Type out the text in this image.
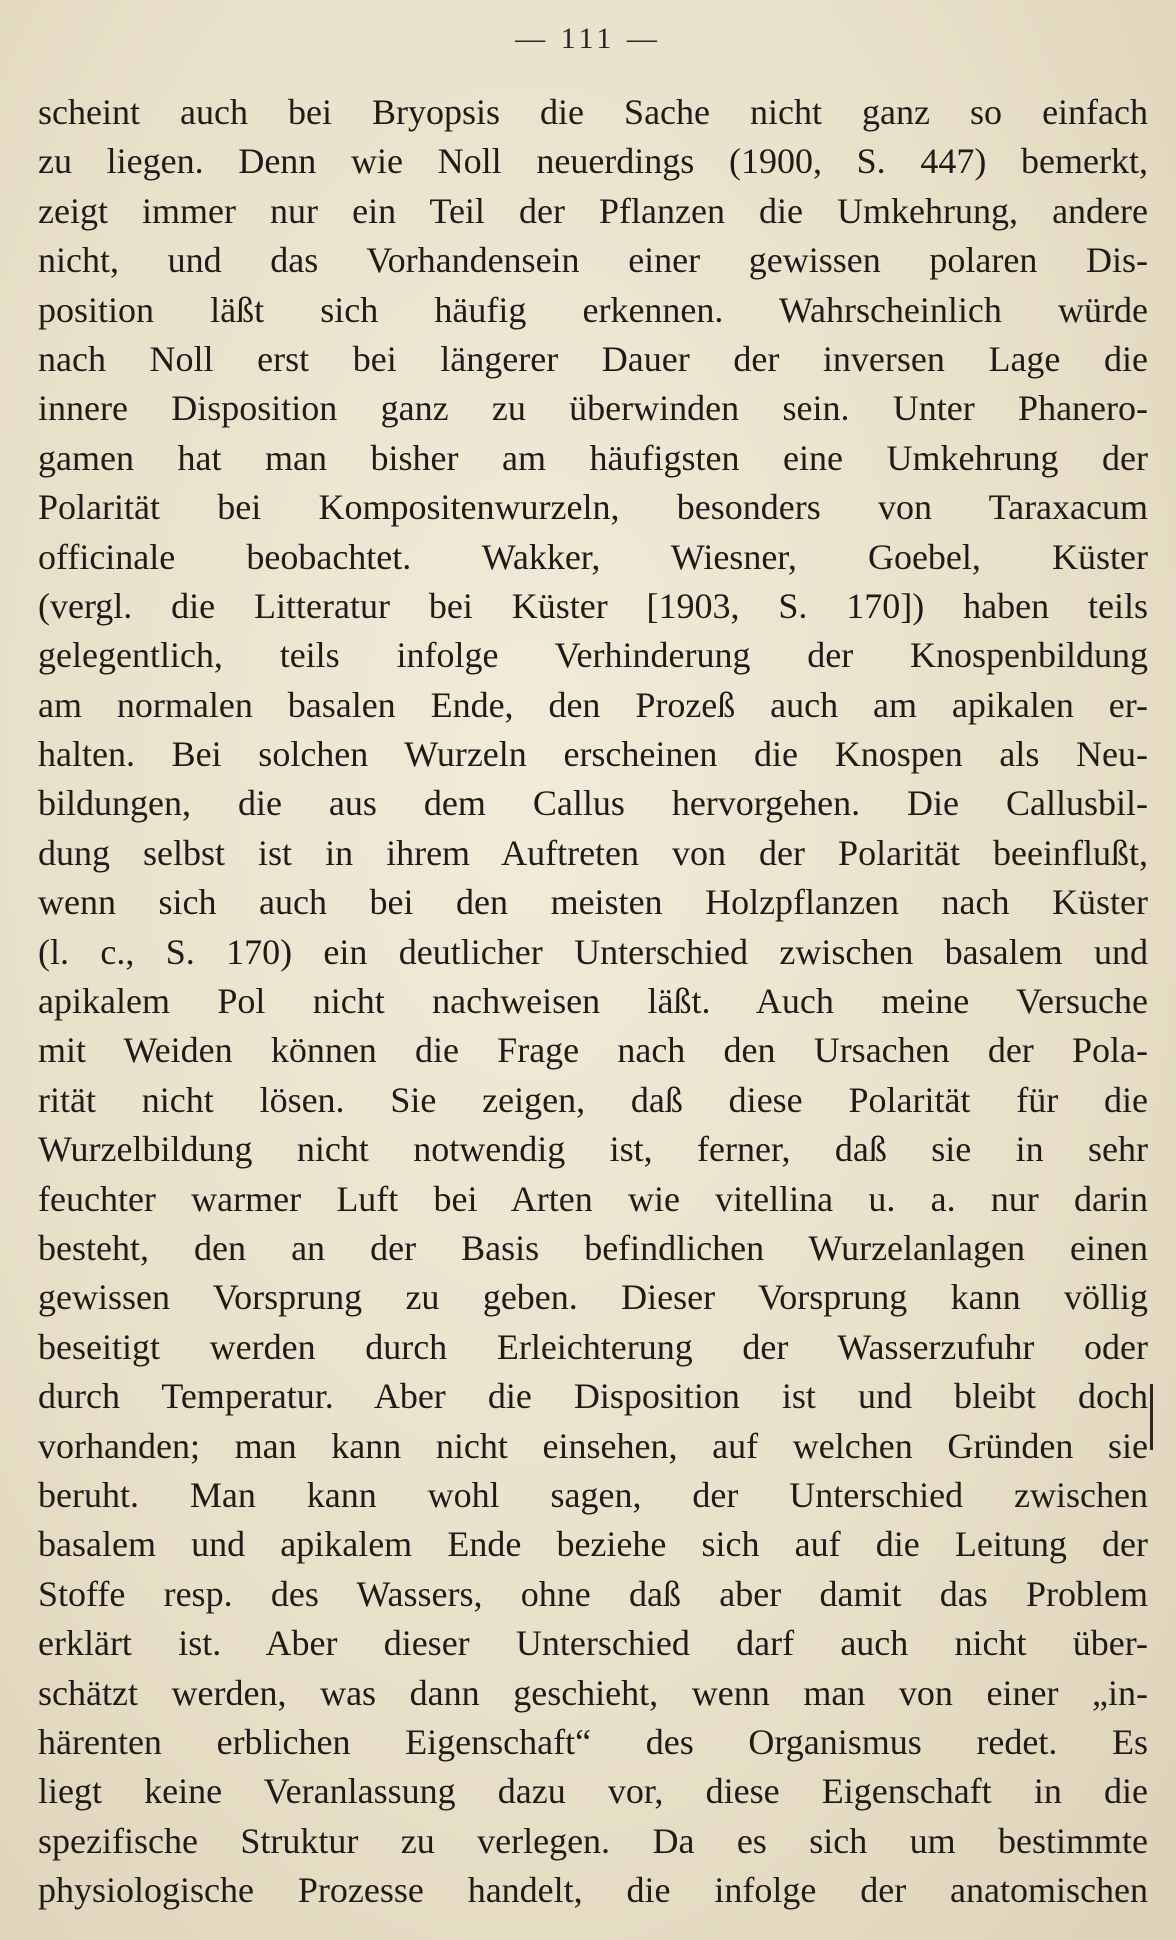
— 111 —
scheint auch bei Bryopsis die Sache nicht ganz so einfach
zu liegen. Denn wie Noll neuerdings (1900, S. 447) bemerkt,
zeigt immer nur ein Teil der Pflanzen die Umkehrung, andere
nicht, und das Vorhandensein einer gewissen polaren Dis-
position läßt sich häufig erkennen. Wahrscheinlich würde
nach Noll erst bei längerer Dauer der inversen Lage die
innere Disposition ganz zu überwinden sein. Unter Phanero-
gamen hat man bisher am häufigsten eine Umkehrung der
Polarität bei Kompositenwurzeln, besonders von Taraxacum
officinale beobachtet. Wakker, Wiesner, Goebel, Küster
(vergl. die Litteratur bei Küster [1903, S. 170]) haben teils
gelegentlich, teils infolge Verhinderung der Knospenbildung
am normalen basalen Ende, den Prozeß auch am apikalen er-
halten. Bei solchen Wurzeln erscheinen die Knospen als Neu-
bildungen, die aus dem Callus hervorgehen. Die Callusbil-
dung selbst ist in ihrem Auftreten von der Polarität beeinflußt,
wenn sich auch bei den meisten Holzpflanzen nach Küster
(l. c., S. 170) ein deutlicher Unterschied zwischen basalem und
apikalem Pol nicht nachweisen läßt. Auch meine Versuche
mit Weiden können die Frage nach den Ursachen der Pola-
rität nicht lösen. Sie zeigen, daß diese Polarität für die
Wurzelbildung nicht notwendig ist, ferner, daß sie in sehr
feuchter warmer Luft bei Arten wie vitellina u. a. nur darin
besteht, den an der Basis befindlichen Wurzelanlagen einen
gewissen Vorsprung zu geben. Dieser Vorsprung kann völlig
beseitigt werden durch Erleichterung der Wasserzufuhr oder
durch Temperatur. Aber die Disposition ist und bleibt doch
vorhanden; man kann nicht einsehen, auf welchen Gründen sie
beruht. Man kann wohl sagen, der Unterschied zwischen
basalem und apikalem Ende beziehe sich auf die Leitung der
Stoffe resp. des Wassers, ohne daß aber damit das Problem
erklärt ist. Aber dieser Unterschied darf auch nicht über-
schätzt werden, was dann geschieht, wenn man von einer „in-
härenten erblichen Eigenschaft“ des Organismus redet. Es
liegt keine Veranlassung dazu vor, diese Eigenschaft in die
spezifische Struktur zu verlegen. Da es sich um bestimmte
physiologische Prozesse handelt, die infolge der anatomischen
